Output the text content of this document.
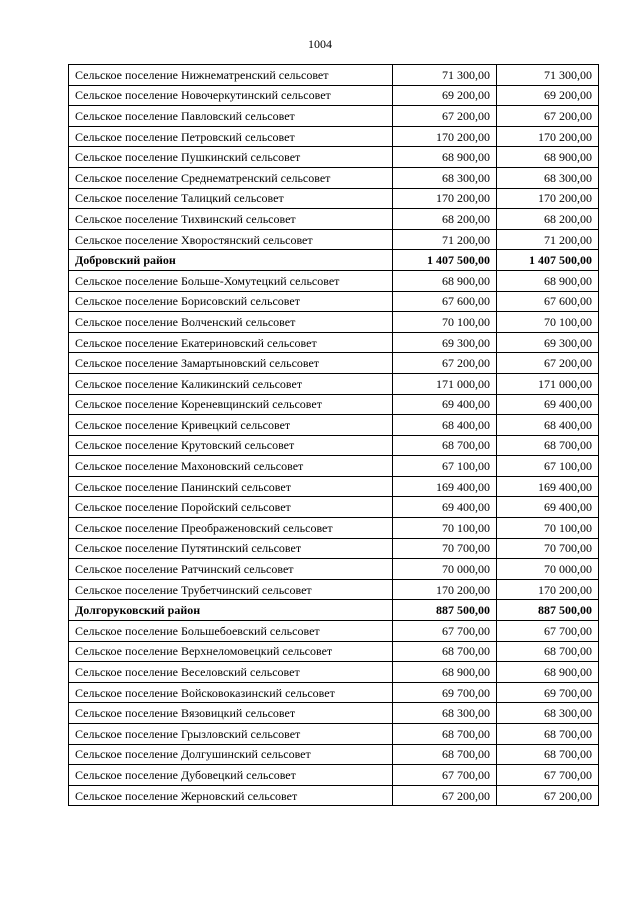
1004
Сельское поселение Нижнематренский сельсовет	71 300,00	71 300,00
Сельское поселение Новочеркутинский сельсовет	69 200,00	69 200,00
Сельское поселение Павловский сельсовет	67 200,00	67 200,00
Сельское поселение Петровский сельсовет	170 200,00	170 200,00
Сельское поселение Пушкинский сельсовет	68 900,00	68 900,00
Сельское поселение Среднематренский сельсовет	68 300,00	68 300,00
Сельское поселение Талицкий сельсовет	170 200,00	170 200,00
Сельское поселение Тихвинский сельсовет	68 200,00	68 200,00
Сельское поселение Хворостянский сельсовет	71 200,00	71 200,00
Добровский район	1 407 500,00	1 407 500,00
Сельское поселение Больше-Хомутецкий сельсовет	68 900,00	68 900,00
Сельское поселение Борисовский сельсовет	67 600,00	67 600,00
Сельское поселение Волченский сельсовет	70 100,00	70 100,00
Сельское поселение Екатериновский сельсовет	69 300,00	69 300,00
Сельское поселение Замартыновский сельсовет	67 200,00	67 200,00
Сельское поселение Каликинский сельсовет	171 000,00	171 000,00
Сельское поселение Кореневщинский сельсовет	69 400,00	69 400,00
Сельское поселение Кривецкий сельсовет	68 400,00	68 400,00
Сельское поселение Крутовский сельсовет	68 700,00	68 700,00
Сельское поселение Махоновский сельсовет	67 100,00	67 100,00
Сельское поселение Панинский сельсовет	169 400,00	169 400,00
Сельское поселение Поройский сельсовет	69 400,00	69 400,00
Сельское поселение Преображеновский сельсовет	70 100,00	70 100,00
Сельское поселение Путятинский сельсовет	70 700,00	70 700,00
Сельское поселение Ратчинский сельсовет	70 000,00	70 000,00
Сельское поселение Трубетчинский сельсовет	170 200,00	170 200,00
Долгоруковский район	887 500,00	887 500,00
Сельское поселение Большебоевский сельсовет	67 700,00	67 700,00
Сельское поселение Верхнеломовецкий сельсовет	68 700,00	68 700,00
Сельское поселение Веселовский сельсовет	68 900,00	68 900,00
Сельское поселение Войсковоказинский сельсовет	69 700,00	69 700,00
Сельское поселение Вязовицкий сельсовет	68 300,00	68 300,00
Сельское поселение Грызловский сельсовет	68 700,00	68 700,00
Сельское поселение Долгушинский сельсовет	68 700,00	68 700,00
Сельское поселение Дубовецкий сельсовет	67 700,00	67 700,00
Сельское поселение Жерновский сельсовет	67 200,00	67 200,00
